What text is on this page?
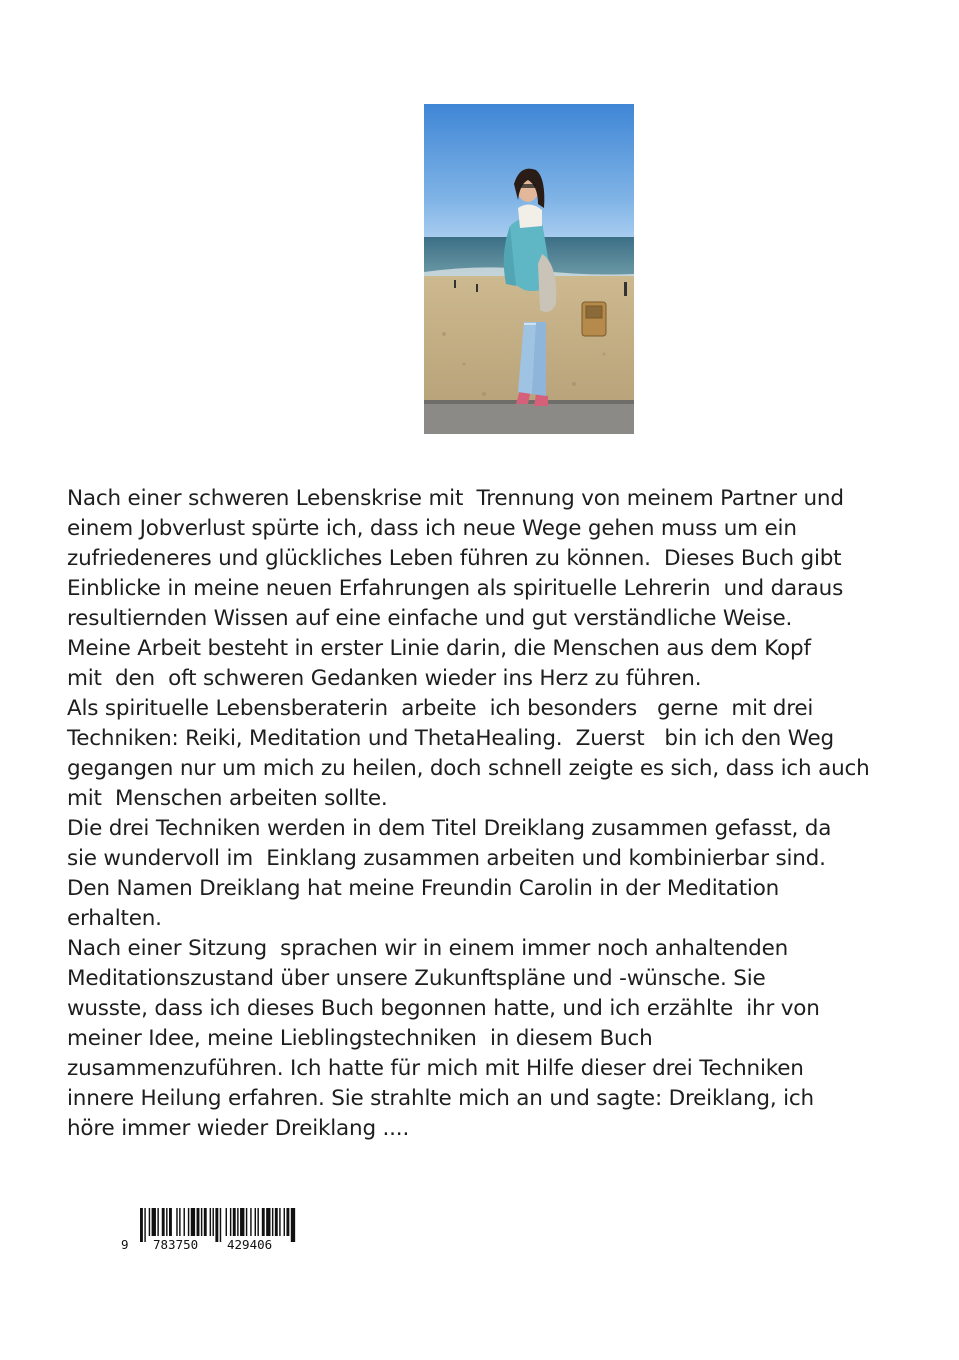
Nach einer schweren Lebenskrise mit  Trennung von meinem Partner und
einem Jobverlust spürte ich, dass ich neue Wege gehen muss um ein
zufriedeneres und glückliches Leben führen zu können.  Dieses Buch gibt
Einblicke in meine neuen Erfahrungen als spirituelle Lehrerin  und daraus
resultiernden Wissen auf eine einfache und gut verständliche Weise.
Meine Arbeit besteht in erster Linie darin, die Menschen aus dem Kopf
mit  den  oft schweren Gedanken wieder ins Herz zu führen.
Als spirituelle Lebensberaterin  arbeite  ich besonders   gerne  mit drei
Techniken: Reiki, Meditation und ThetaHealing.  Zuerst   bin ich den Weg
gegangen nur um mich zu heilen, doch schnell zeigte es sich, dass ich auch
mit  Menschen arbeiten sollte.
Die drei Techniken werden in dem Titel Dreiklang zusammen gefasst, da
sie wundervoll im  Einklang zusammen arbeiten und kombinierbar sind.
Den Namen Dreiklang hat meine Freundin Carolin in der Meditation
erhalten.
Nach einer Sitzung  sprachen wir in einem immer noch anhaltenden
Meditationszustand über unsere Zukunftspläne und -wünsche. Sie
wusste, dass ich dieses Buch begonnen hatte, und ich erzählte  ihr von
meiner Idee, meine Lieblingstechniken  in diesem Buch
zusammenzuführen. Ich hatte für mich mit Hilfe dieser drei Techniken
innere Heilung erfahren. Sie strahlte mich an und sagte: Dreiklang, ich
höre immer wieder Dreiklang ....

9

783750

429406
